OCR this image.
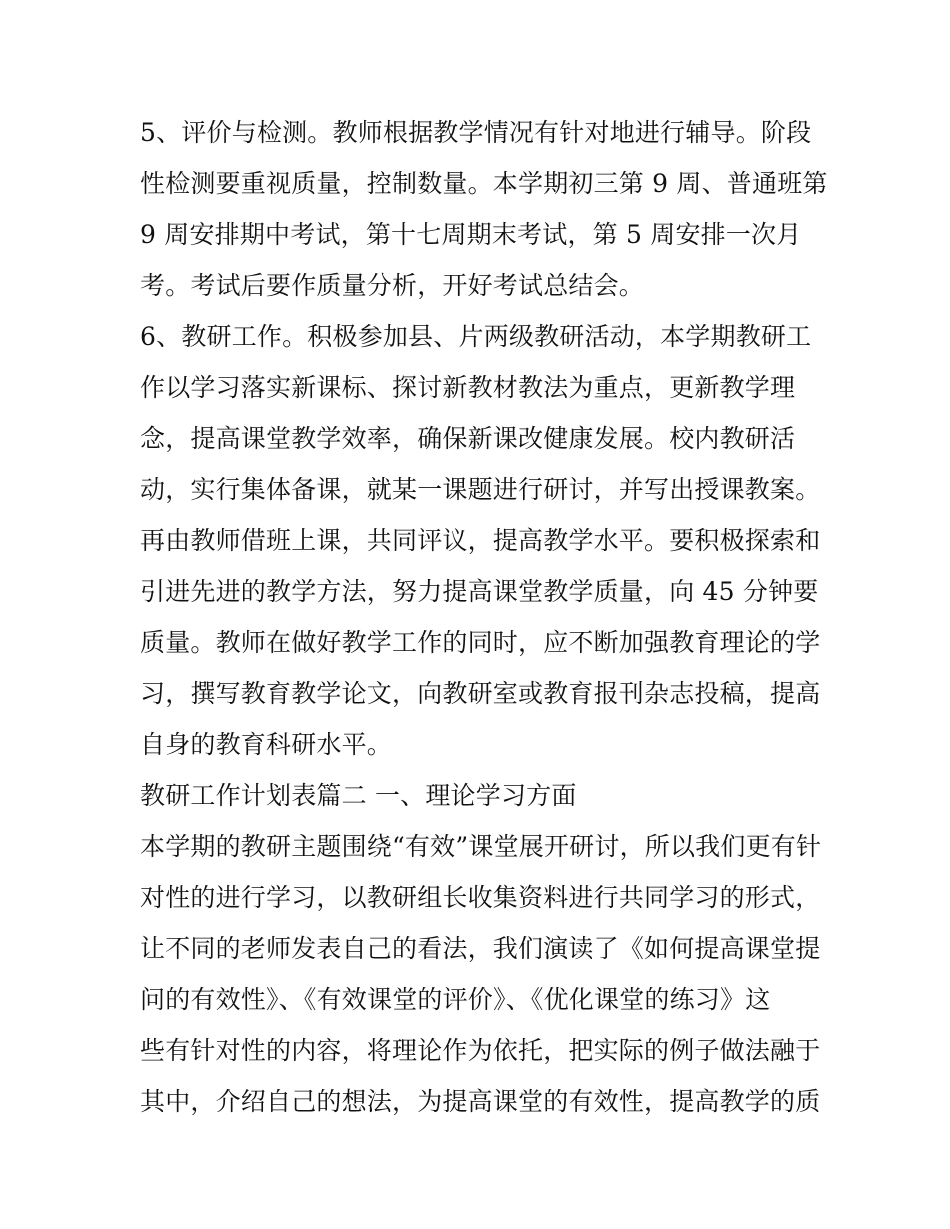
5、评价与检测。教师根据教学情况有针对地进行辅导。阶段
性检测要重视质量，控制数量。本学期初三第 9 周、普通班第
9 周安排期中考试，第十七周期末考试，第 5 周安排一次月
考。考试后要作质量分析，开好考试总结会。
6、教研工作。积极参加县、片两级教研活动，本学期教研工
作以学习落实新课标、探讨新教材教法为重点，更新教学理
念，提高课堂教学效率，确保新课改健康发展。校内教研活
动，实行集体备课，就某一课题进行研讨，并写出授课教案。
再由教师借班上课，共同评议，提高教学水平。要积极探索和
引进先进的教学方法，努力提高课堂教学质量，向 45 分钟要
质量。教师在做好教学工作的同时，应不断加强教育理论的学
习，撰写教育教学论文，向教研室或教育报刊杂志投稿，提高
自身的教育科研水平。
教研工作计划表篇二 一、理论学习方面
本学期的教研主题围绕“有效”课堂展开研讨，所以我们更有针
对性的进行学习，以教研组长收集资料进行共同学习的形式，
让不同的老师发表自己的看法，我们演读了《如何提高课堂提
问的有效性》、《有效课堂的评价》、《优化课堂的练习》这
些有针对性的内容，将理论作为依托，把实际的例子做法融于
其中，介绍自己的想法，为提高课堂的有效性，提高教学的质
